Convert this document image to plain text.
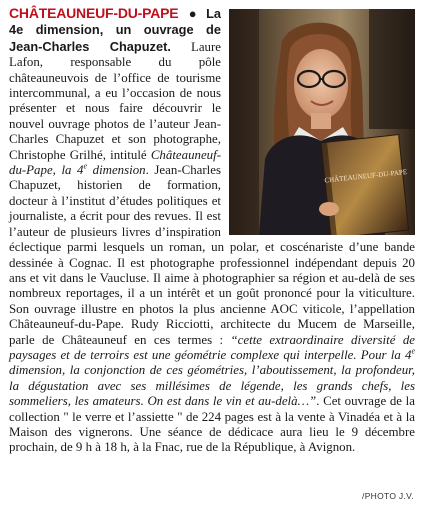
CHÂTEAUNEUF-DU-PAPE

CHÂTEAUNEUF-DU-PAPE ● La 4e dimension, un ouvrage de Jean-Charles Chapuzet. Laure Lafon, responsable du pôle châteauneuvois de l’office de tourisme intercommunal, a eu l’occasion de nous présenter et nous faire découvrir le nouvel ouvrage photos de l’auteur Jean-Charles Chapuzet et son photographe, Christophe Grilhé, intitulé Châteauneuf-du-Pape, la 4e dimension. Jean-Charles Chapuzet, historien de formation, docteur à l’institut d’études politiques et journaliste, a écrit pour des revues. Il est l’auteur de plusieurs livres d’inspiration éclectique parmi lesquels un roman, un polar, et coscénariste d’une bande dessinée à Cognac. Il est photographe professionnel indépendant depuis 20 ans et vit dans le Vaucluse. Il aime à photographier sa région et au-delà de ses nombreux reportages, il a un intérêt et un goût prononcé pour la viticulture. Son ouvrage illustre en photos la plus ancienne AOC viticole, l’appellation Châteauneuf-du-Pape. Rudy Ricciotti, architecte du Mucem de Marseille, parle de Châteauneuf en ces termes : “cette extraordinaire diversité de paysages et de terroirs est une géométrie complexe qui interpelle. Pour la 4e dimension, la conjonction de ces géométries, l’aboutissement, la profondeur, la dégustation avec ses millésimes de légende, les grands chefs, les sommeliers, les amateurs. On est dans le vin et au-delà…”. Cet ouvrage de la collection " le verre et l’assiette " de 224 pages est à la vente à Vinadéa et à la Maison des vignerons. Une séance de dédicace aura lieu le 9 décembre prochain, de 9 h à 18 h, à la Fnac, rue de la République, à Avignon.

/PHOTO J.V.
